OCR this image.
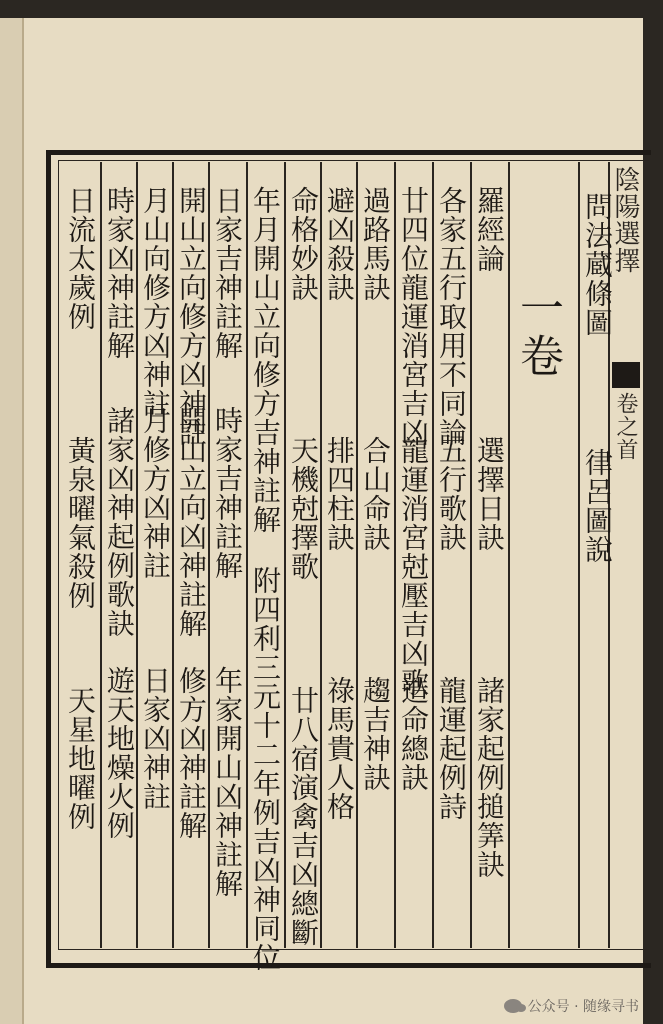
陰陽選擇
卷之首
一卷 問法蔵條圖
律呂圖說
羅經論
選擇日訣
諸家起例搥筭訣
各家五行取用不同論
五行歌訣
龍運起例詩
廿四位龍運消宮吉凶
龍運消宮尅壓吉凶歌
造命總訣
過路馬訣
合山命訣
趨吉神訣
避凶殺訣
排四柱訣
祿馬貴人格
命格妙訣
天機尅擇歌
廿八宿演禽吉凶總斷
年月開山立向修方吉神註解
附四利三元十二年例吉凶神同位
日家吉神註解
時家吉神註解
年家開山凶神註解
開山立向修方凶神註
開山立向凶神註解
修方凶神註解
月山向修方凶神註
月修方凶神註
日家凶神註
時家凶神註解
諸家凶神起例歌訣
遊天地燥火例
日流太歲例
黃泉曜氣殺例
天星地曜例
公众号 · 随缘寻书
